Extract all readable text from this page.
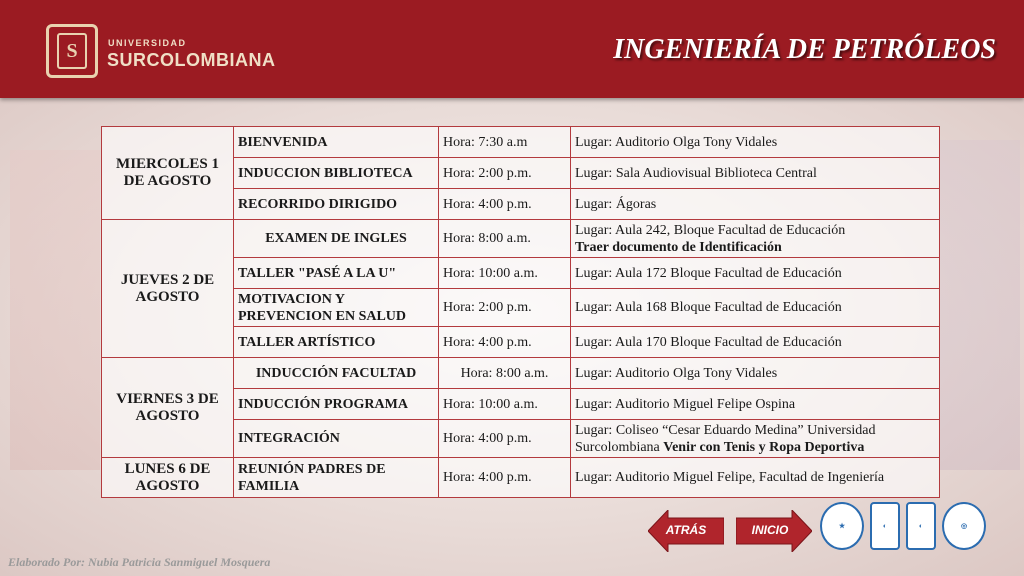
S	UNIVERSIDAD
SURCOLOMBIANA	INGENIERÍA DE PETRÓLEOS
MIERCOLES 1 DE AGOSTO	BIENVENIDA	Hora: 7:30 a.m	Lugar: Auditorio Olga Tony Vidales
	INDUCCION BIBLIOTECA	Hora: 2:00 p.m.	Lugar: Sala Audiovisual Biblioteca Central
	RECORRIDO DIRIGIDO	Hora: 4:00 p.m.	Lugar: Ágoras
JUEVES 2 DE AGOSTO	EXAMEN DE INGLES	Hora: 8:00 a.m.	Lugar: Aula 242, Bloque Facultad de Educación
Traer documento de Identificación
	TALLER "PASÉ A LA U"	Hora: 10:00 a.m.	Lugar: Aula 172 Bloque Facultad de Educación
	MOTIVACION Y PREVENCION EN SALUD	Hora: 2:00 p.m.	Lugar: Aula 168 Bloque Facultad de Educación
	TALLER ARTÍSTICO	Hora: 4:00 p.m.	Lugar: Aula 170 Bloque Facultad de Educación
VIERNES 3 DE AGOSTO	INDUCCIÓN FACULTAD	Hora: 8:00 a.m.	Lugar: Auditorio Olga Tony Vidales
	INDUCCIÓN PROGRAMA	Hora: 10:00 a.m.	Lugar: Auditorio Miguel Felipe Ospina
	INTEGRACIÓN	Hora: 4:00 p.m.	Lugar: Coliseo “Cesar Eduardo Medina” Universidad Surcolombiana Venir con Tenis y Ropa Deportiva
LUNES 6 DE AGOSTO	REUNIÓN PADRES DE FAMILIA	Hora: 4:00 p.m.	Lugar: Auditorio Miguel Felipe, Facultad de Ingeniería
ATRÁS	INICIO	★	◐	◐	◎
Elaborado Por: Nubia Patricia Sanmiguel Mosquera
